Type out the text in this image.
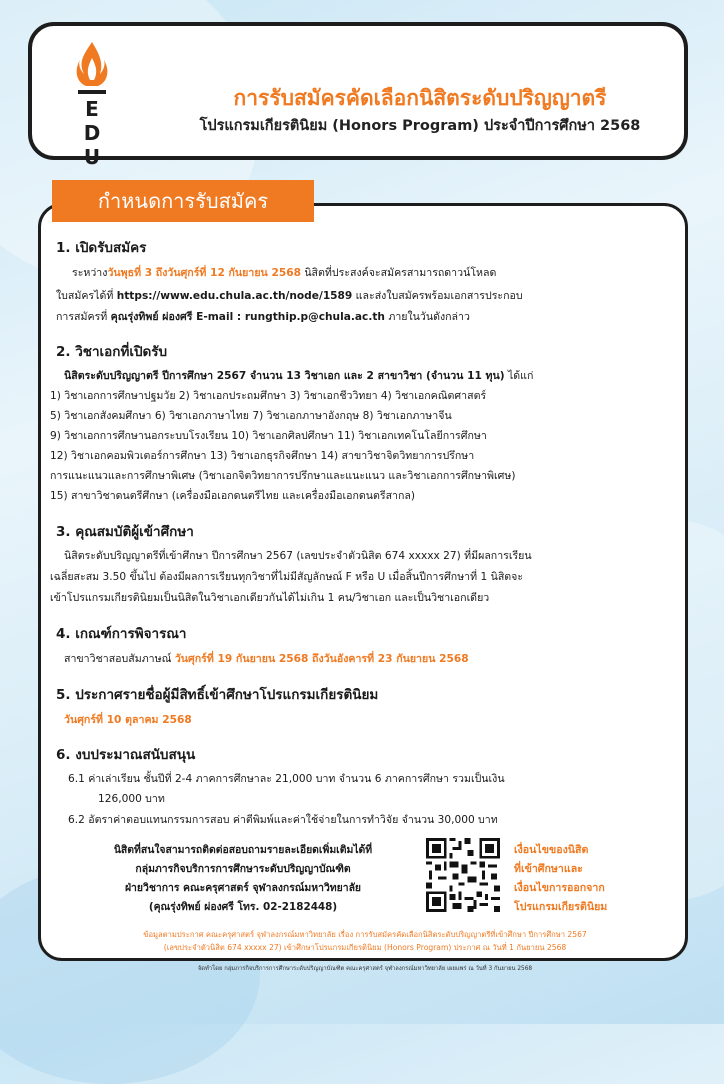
E
D
U
การรับสมัครคัดเลือกนิสิตระดับปริญญาตรี
โปรแกรมเกียรตินิยม (Honors Program) ประจำปีการศึกษา 2568
กำหนดการรับสมัคร
1. เปิดรับสมัคร
ระหว่างวันพุธที่ 3 ถึงวันศุกร์ที่ 12 กันยายน 2568 นิสิตที่ประสงค์จะสมัครสามารถดาวน์โหลด
ใบสมัครได้ที่ https://www.edu.chula.ac.th/node/1589 และส่งใบสมัครพร้อมเอกสารประกอบ
การสมัครที่ คุณรุ่งทิพย์ ผ่องศรี E-mail : rungthip.p@chula.ac.th ภายในวันดังกล่าว
2. วิชาเอกที่เปิดรับ
นิสิตระดับปริญญาตรี ปีการศึกษา 2567 จำนวน 13 วิชาเอก และ 2 สาขาวิชา (จำนวน 11 ทุน) ได้แก่
1) วิชาเอกการศึกษาปฐมวัย 2) วิชาเอกประถมศึกษา 3) วิชาเอกชีววิทยา 4) วิชาเอกคณิตศาสตร์
5) วิชาเอกสังคมศึกษา 6) วิชาเอกภาษาไทย 7) วิชาเอกภาษาอังกฤษ 8) วิชาเอกภาษาจีน
9) วิชาเอกการศึกษานอกระบบโรงเรียน 10) วิชาเอกศิลปศึกษา 11) วิชาเอกเทคโนโลยีการศึกษา
12) วิชาเอกคอมพิวเตอร์การศึกษา 13) วิชาเอกธุรกิจศึกษา 14) สาขาวิชาจิตวิทยาการปรึกษา
การแนะแนวและการศึกษาพิเศษ (วิชาเอกจิตวิทยาการปรึกษาและแนะแนว และวิชาเอกการศึกษาพิเศษ)
15) สาขาวิชาดนตรีศึกษา (เครื่องมือเอกดนตรีไทย และเครื่องมือเอกดนตรีสากล)
3. คุณสมบัติผู้เข้าศึกษา
นิสิตระดับปริญญาตรีที่เข้าศึกษา ปีการศึกษา 2567 (เลขประจำตัวนิสิต 674 xxxxx 27) ที่มีผลการเรียน
เฉลี่ยสะสม 3.50 ขึ้นไป ต้องมีผลการเรียนทุกวิชาที่ไม่มีสัญลักษณ์ F หรือ U เมื่อสิ้นปีการศึกษาที่ 1 นิสิตจะ
เข้าโปรแกรมเกียรตินิยมเป็นนิสิตในวิชาเอกเดียวกันได้ไม่เกิน 1 คน/วิชาเอก และเป็นวิชาเอกเดียว
4. เกณฑ์การพิจารณา
สาขาวิชาสอบสัมภาษณ์ วันศุกร์ที่ 19 กันยายน 2568 ถึงวันอังคารที่ 23 กันยายน 2568
5. ประกาศรายชื่อผู้มีสิทธิ์เข้าศึกษาโปรแกรมเกียรตินิยม
วันศุกร์ที่ 10 ตุลาคม 2568
6. งบประมาณสนับสนุน
6.1 ค่าเล่าเรียน ชั้นปีที่ 2-4 ภาคการศึกษาละ 21,000 บาท จำนวน 6 ภาคการศึกษา รวมเป็นเงิน
126,000 บาท
6.2 อัตราค่าตอบแทนกรรมการสอบ ค่าตีพิมพ์และค่าใช้จ่ายในการทำวิจัย จำนวน 30,000 บาท
นิสิตที่สนใจสามารถติดต่อสอบถามรายละเอียดเพิ่มเติมได้ที่
กลุ่มภารกิจบริการการศึกษาระดับปริญญาบัณฑิต
ฝ่ายวิชาการ คณะครุศาสตร์ จุฬาลงกรณ์มหาวิทยาลัย
(คุณรุ่งทิพย์ ผ่องศรี โทร. 02-2182448)
เงื่อนไขของนิสิต
ที่เข้าศึกษาและ
เงื่อนไขการออกจาก
โปรแกรมเกียรตินิยม
ข้อมูลตามประกาศ คณะครุศาสตร์ จุฬาลงกรณ์มหาวิทยาลัย เรื่อง การรับสมัครคัดเลือกนิสิตระดับปริญญาตรีที่เข้าศึกษา ปีการศึกษา 2567
(เลขประจำตัวนิสิต 674 xxxxx 27) เข้าศึกษาโปรแกรมเกียรตินิยม (Honors Program) ประกาศ ณ วันที่ 1 กันยายน 2568
จัดทำโดย กลุ่มภารกิจบริการการศึกษาระดับปริญญาบัณฑิต คณะครุศาสตร์ จุฬาลงกรณ์มหาวิทยาลัย เผยแพร่ ณ วันที่ 3 กันยายน 2568
